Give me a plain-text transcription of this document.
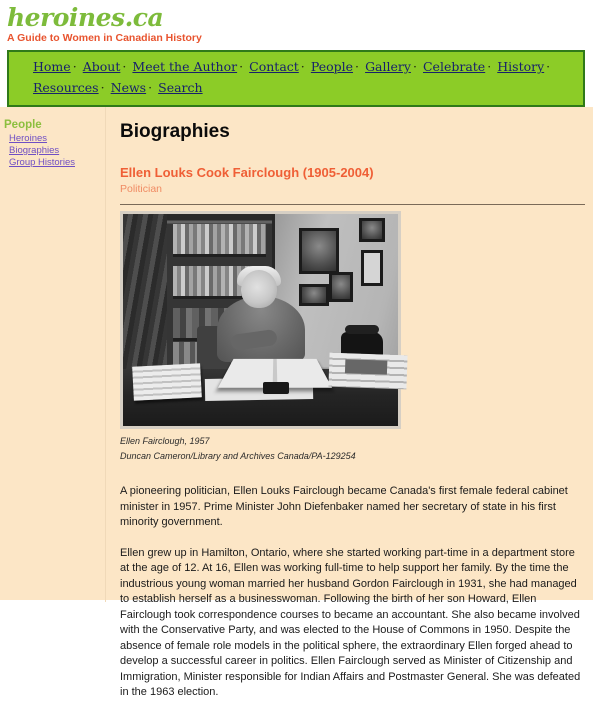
heroines.ca
A Guide to Women in Canadian History
Home · About · Meet the Author · Contact · People · Gallery · Celebrate · History · Resources · News · Search
People
Heroines
Biographies
Group Histories
Biographies
Ellen Louks Cook Fairclough (1905-2004)
Politician
Ellen Fairclough, 1957
Duncan Cameron/Library and Archives Canada/PA-129254

A pioneering politician, Ellen Louks Fairclough became Canada's first female federal cabinet minister in 1957. Prime Minister John Diefenbaker named her secretary of state in his first minority government.

Ellen grew up in Hamilton, Ontario, where she started working part-time in a department store at the age of 12. At 16, Ellen was working full-time to help support her family. By the time the industrious young woman married her husband Gordon Fairclough in 1931, she had managed to establish herself as a businesswoman. Following the birth of her son Howard, Ellen Fairclough took correspondence courses to became an accountant. She also became involved with the Conservative Party, and was elected to the House of Commons in 1950. Despite the absence of female role models in the political sphere, the extraordinary Ellen forged ahead to develop a successful career in politics. Ellen Fairclough served as Minister of Citizenship and Immigration, Minister responsible for Indian Affairs and Postmaster General. She was defeated in the 1963 election.
